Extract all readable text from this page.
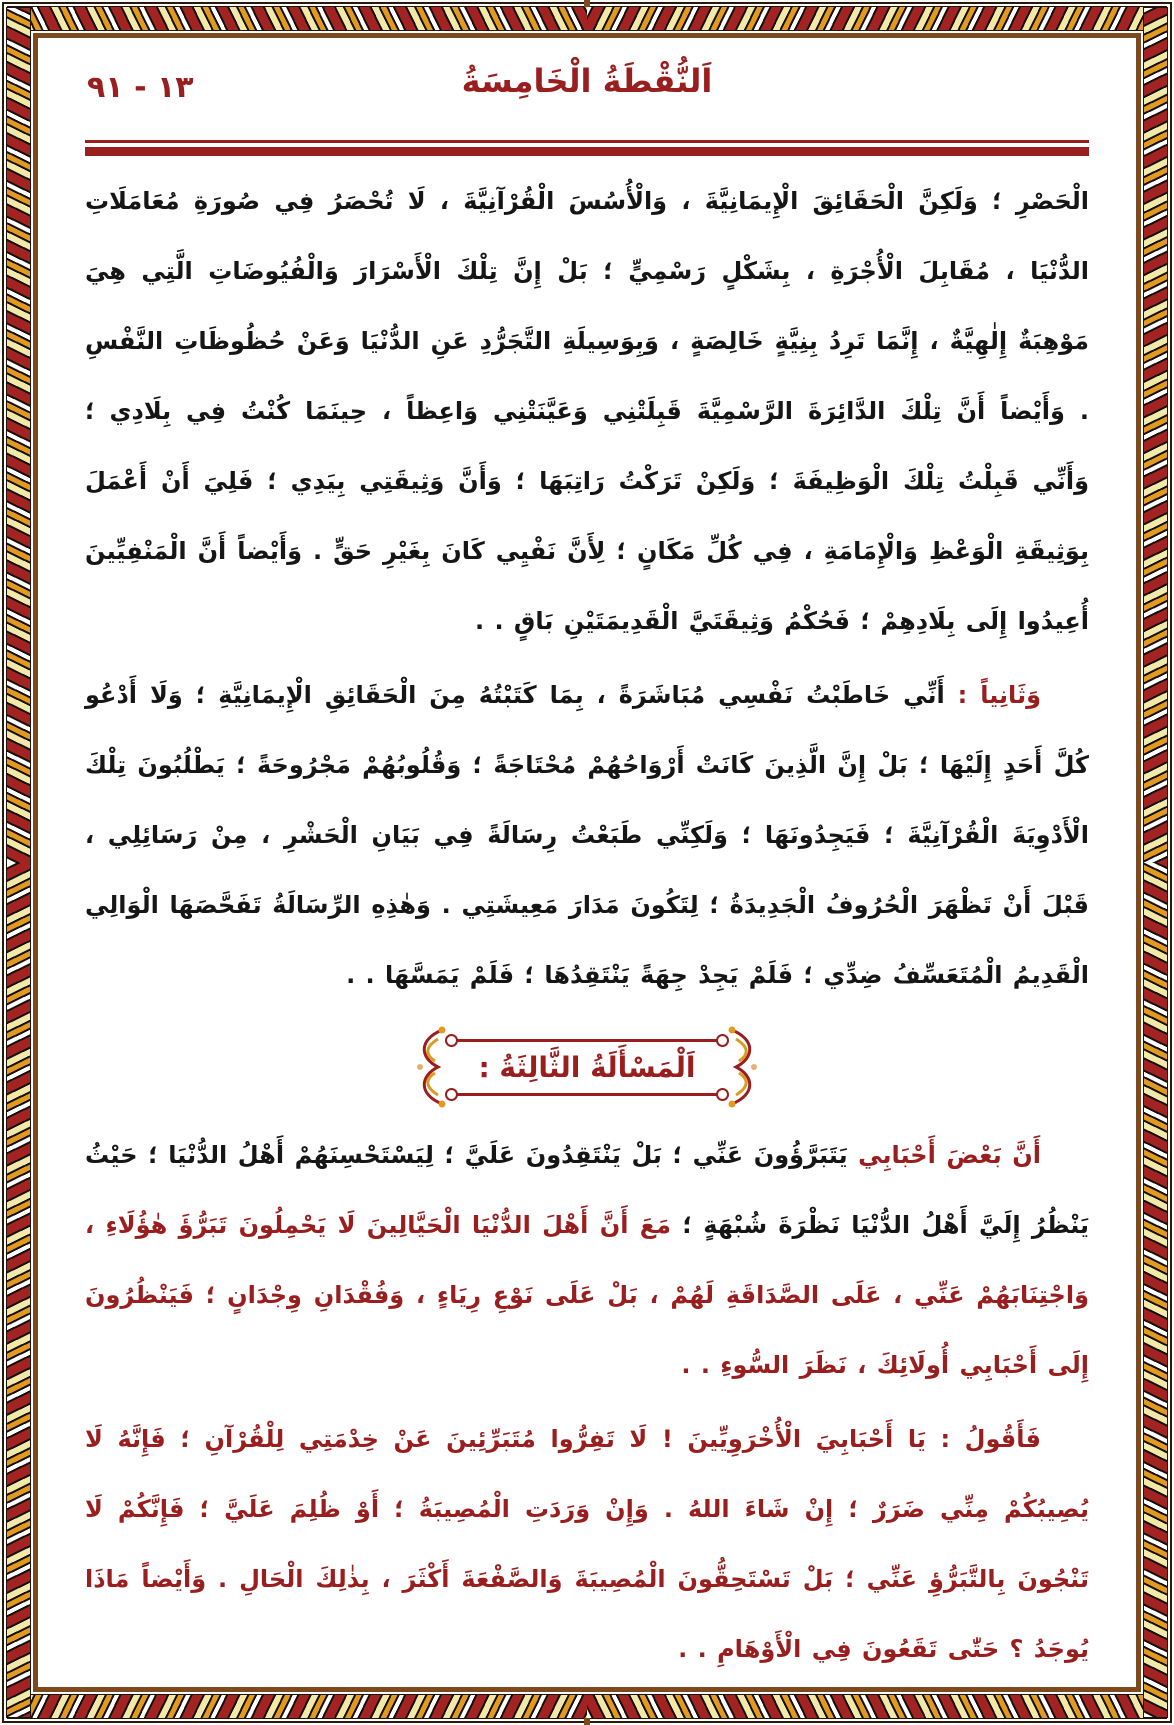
١٣ - ٩١	اَلنُّقْطَةُ الْخَامِسَةُ

الْحَصْرِ ؛ وَلَكِنَّ الْحَقَائِقَ الْإِيمَانِيَّةَ ، وَالْأُسُسَ الْقُرْآنِيَّةَ ، لَا تُحْصَرُ فِي صُورَةِ مُعَامَلَاتِ الدُّنْيَا ، مُقَابِلَ الْأُجْرَةِ ، بِشَكْلٍ رَسْمِيٍّ ؛ بَلْ إِنَّ تِلْكَ الْأَسْرَارَ وَالْفُيُوضَاتِ الَّتِي هِيَ مَوْهِبَةٌ إِلٰهِيَّةٌ ، إِنَّمَا تَرِدُ بِنِيَّةٍ خَالِصَةٍ ، وَبِوَسِيلَةِ التَّجَرُّدِ عَنِ الدُّنْيَا وَعَنْ حُظُوظَاتِ النَّفْسِ . وَأَيْضاً أَنَّ تِلْكَ الدَّائِرَةَ الرَّسْمِيَّةَ قَبِلَتْنِي وَعَيَّنَتْنِي وَاعِظاً ، حِينَمَا كُنْتُ فِي بِلَادِي ؛ وَأَنِّي قَبِلْتُ تِلْكَ الْوَظِيفَةَ ؛ وَلَكِنْ تَرَكْتُ رَاتِبَهَا ؛ وَأَنَّ وَثِيقَتِي بِيَدِي ؛ فَلِيَ أَنْ أَعْمَلَ بِوَثِيقَةِ الْوَعْظِ وَالْإِمَامَةِ ، فِي كُلِّ مَكَانٍ ؛ لِأَنَّ نَفْيِي كَانَ بِغَيْرِ حَقٍّ . وَأَيْضاً أَنَّ الْمَنْفِيِّينَ أُعِيدُوا إِلَى بِلَادِهِمْ ؛ فَحُكْمُ وَثِيقَتَيَّ الْقَدِيمَتَيْنِ بَاقٍ . .

وَثَانِياً : أَنِّي خَاطَبْتُ نَفْسِي مُبَاشَرَةً ، بِمَا كَتَبْتُهُ مِنَ الْحَقَائِقِ الْإِيمَانِيَّةِ ؛ وَلَا أَدْعُو كُلَّ أَحَدٍ إِلَيْهَا ؛ بَلْ إِنَّ الَّذِينَ كَانَتْ أَرْوَاحُهُمْ مُحْتَاجَةً ؛ وَقُلُوبُهُمْ مَجْرُوحَةً ؛ يَطْلُبُونَ تِلْكَ الْأَدْوِيَةَ الْقُرْآنِيَّةَ ؛ فَيَجِدُونَهَا ؛ وَلَكِنِّي طَبَعْتُ رِسَالَةً فِي بَيَانِ الْحَشْرِ ، مِنْ رَسَائِلِي ، قَبْلَ أَنْ تَظْهَرَ الْحُرُوفُ الْجَدِيدَةُ ؛ لِتَكُونَ مَدَارَ مَعِيشَتِي . وَهٰذِهِ الرِّسَالَةُ تَفَحَّصَهَا الْوَالِي الْقَدِيمُ الْمُتَعَسِّفُ ضِدِّي ؛ فَلَمْ يَجِدْ جِهَةً يَنْتَقِدُهَا ؛ فَلَمْ يَمَسَّهَا . .

اَلْمَسْأَلَةُ الثَّالِثَةُ :

أَنَّ بَعْضَ أَحْبَابِي يَتَبَرَّؤُونَ عَنِّي ؛ بَلْ يَنْتَقِدُونَ عَلَيَّ ؛ لِيَسْتَحْسِنَهُمْ أَهْلُ الدُّنْيَا ؛ حَيْثُ يَنْظُرُ إِلَيَّ أَهْلُ الدُّنْيَا نَظْرَةَ شُبْهَةٍ ؛ مَعَ أَنَّ أَهْلَ الدُّنْيَا الْحَيَّالِينَ لَا يَحْمِلُونَ تَبَرُّؤَ هٰؤُلَاءِ ، وَاجْتِنَابَهُمْ عَنِّي ، عَلَى الصَّدَاقَةِ لَهُمْ ، بَلْ عَلَى نَوْعِ رِيَاءٍ ، وَفُقْدَانِ وِجْدَانٍ ؛ فَيَنْظُرُونَ إِلَى أَحْبَابِي أُولَائِكَ ، نَظَرَ السُّوءِ . .

فَأَقُولُ : يَا أَحْبَابِيَ الْأُخْرَوِيِّينَ ! لَا تَفِرُّوا مُتَبَرِّئِينَ عَنْ خِدْمَتِي لِلْقُرْآنِ ؛ فَإِنَّهُ لَا يُصِيبُكُمْ مِنِّي ضَرَرٌ ؛ إِنْ شَاءَ اللهُ . وَإِنْ وَرَدَتِ الْمُصِيبَةُ ؛ أَوْ ظُلِمَ عَلَيَّ ؛ فَإِنَّكُمْ لَا تَنْجُونَ بِالتَّبَرُّؤِ عَنِّي ؛ بَلْ تَسْتَحِقُّونَ الْمُصِيبَةَ وَالصَّفْعَةَ أَكْثَرَ ، بِذٰلِكَ الْحَالِ . وَأَيْضاً مَاذَا يُوجَدُ ؟ حَتّٰى تَقَعُونَ فِي الْأَوْهَامِ . .
